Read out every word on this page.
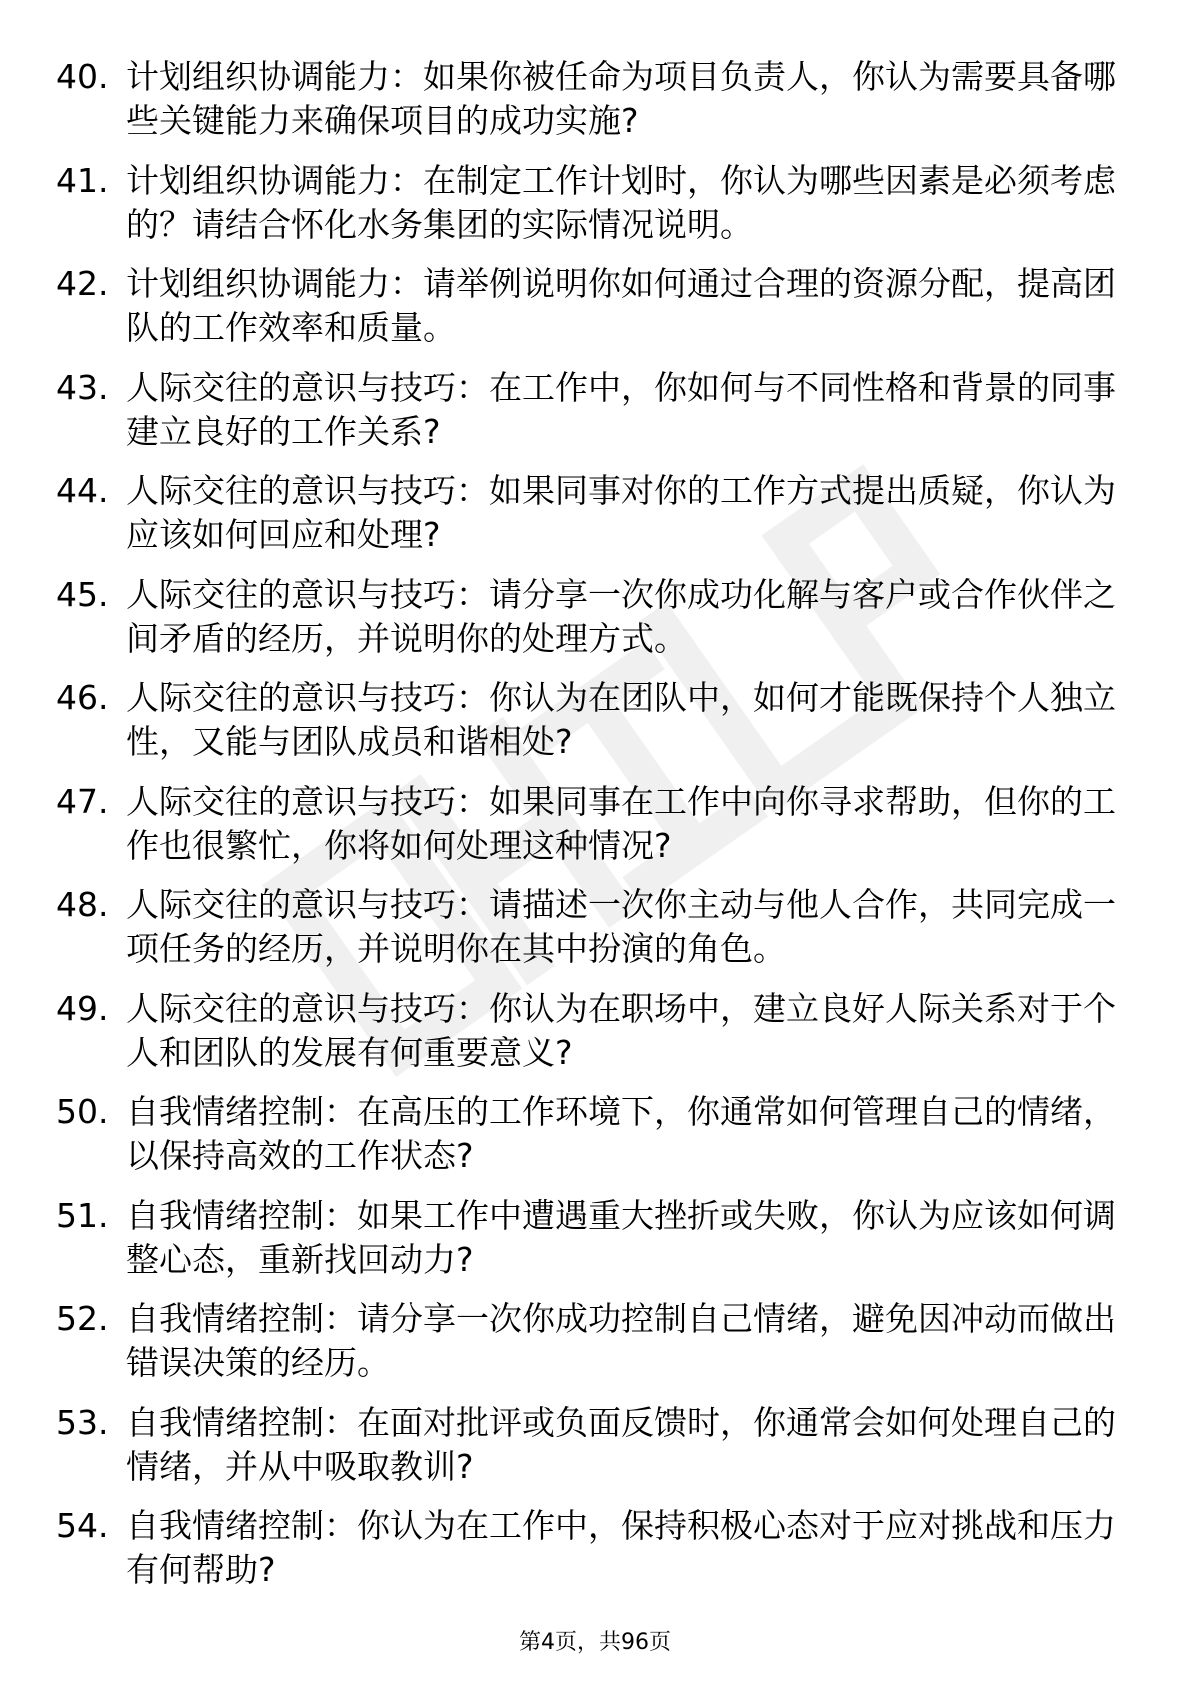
40. 计划组织协调能力：如果你被任命为项目负责人，你认为需要具备哪些关键能力来确保项目的成功实施?
41. 计划组织协调能力：在制定工作计划时，你认为哪些因素是必须考虑的？请结合怀化水务集团的实际情况说明。
42. 计划组织协调能力：请举例说明你如何通过合理的资源分配，提高团队的工作效率和质量。
43. 人际交往的意识与技巧：在工作中，你如何与不同性格和背景的同事建立良好的工作关系?
44. 人际交往的意识与技巧：如果同事对你的工作方式提出质疑，你认为应该如何回应和处理?
45. 人际交往的意识与技巧：请分享一次你成功化解与客户或合作伙伴之间矛盾的经历，并说明你的处理方式。
46. 人际交往的意识与技巧：你认为在团队中，如何才能既保持个人独立性，又能与团队成员和谐相处?
47. 人际交往的意识与技巧：如果同事在工作中向你寻求帮助，但你的工作也很繁忙，你将如何处理这种情况?
48. 人际交往的意识与技巧：请描述一次你主动与他人合作，共同完成一项任务的经历，并说明你在其中扮演的角色。
49. 人际交往的意识与技巧：你认为在职场中，建立良好人际关系对于个人和团队的发展有何重要意义?
50. 自我情绪控制：在高压的工作环境下，你通常如何管理自己的情绪，以保持高效的工作状态?
51. 自我情绪控制：如果工作中遭遇重大挫折或失败，你认为应该如何调整心态，重新找回动力?
52. 自我情绪控制：请分享一次你成功控制自己情绪，避免因冲动而做出错误决策的经历。
53. 自我情绪控制：在面对批评或负面反馈时，你通常会如何处理自己的情绪，并从中吸取教训?
54. 自我情绪控制：你认为在工作中，保持积极心态对于应对挑战和压力有何帮助?
第4页，共96页
